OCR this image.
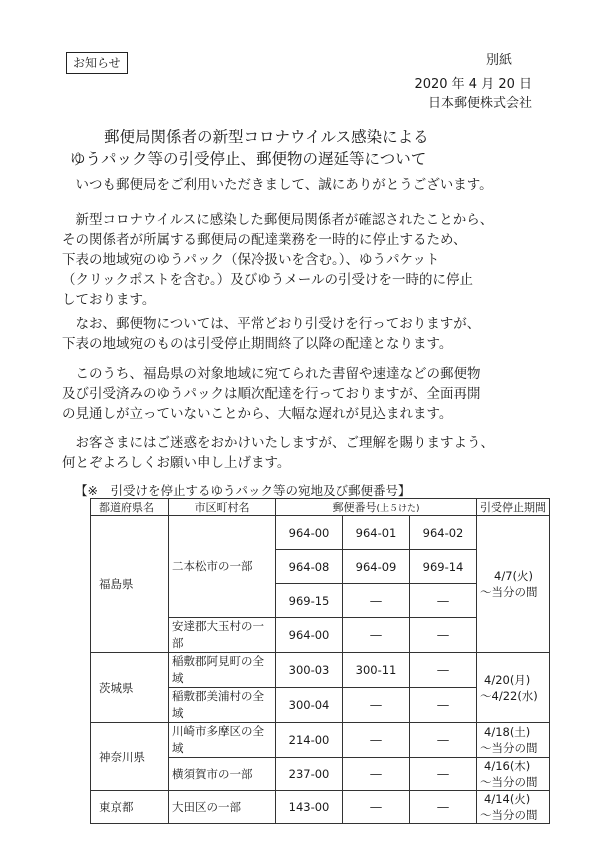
お知らせ	別紙
2020 年 4 月 20 日
日本郵便株式会社
郵便局関係者の新型コロナウイルス感染による
ゆうパック等の引受停止、郵便物の遅延等について
　いつも郵便局をご利用いただきまして、誠にありがとうございます。
　新型コロナウイルスに感染した郵便局関係者が確認されたことから、
その関係者が所属する郵便局の配達業務を一時的に停止するため、
下表の地域宛のゆうパック（保冷扱いを含む。）、ゆうパケット
（クリックポストを含む。）及びゆうメールの引受けを一時的に停止
しております。
　なお、郵便物については、平常どおり引受けを行っておりますが、
下表の地域宛のものは引受停止期間終了以降の配達となります。
　このうち、福島県の対象地域に宛てられた書留や速達などの郵便物
及び引受済みのゆうパックは順次配達を行っておりますが、全面再開
の見通しが立っていないことから、大幅な遅れが見込まれます。
　お客さまにはご迷惑をおかけいたしますが、ご理解を賜りますよう、
何とぞよろしくお願い申し上げます。
【※　引受けを停止するゆうパック等の宛地及び郵便番号】
都道府県名	市区町村名	郵便番号(上５けた)			引受停止期間
福島県	二本松市の一部	964-00	964-01	964-02	4/7(火)
～当分の間

		964-08	964-09	969-14	
		969-15	―	―	

	安達郡大玉村の一部	964-00	―	―	
茨城県	稲敷郡阿見町の全域	300-03	300-11	―	4/20(月)
～4/22(水)

	稲敷郡美浦村の全域	300-04	―	―	
神奈川県	川崎市多摩区の全域	214-00	―	―	4/18(土)
～当分の間

	横須賀市の一部	237-00	―	―	4/16(木)
～当分の間

東京都	大田区の一部	143-00	―	―	4/14(火)
～当分の間
